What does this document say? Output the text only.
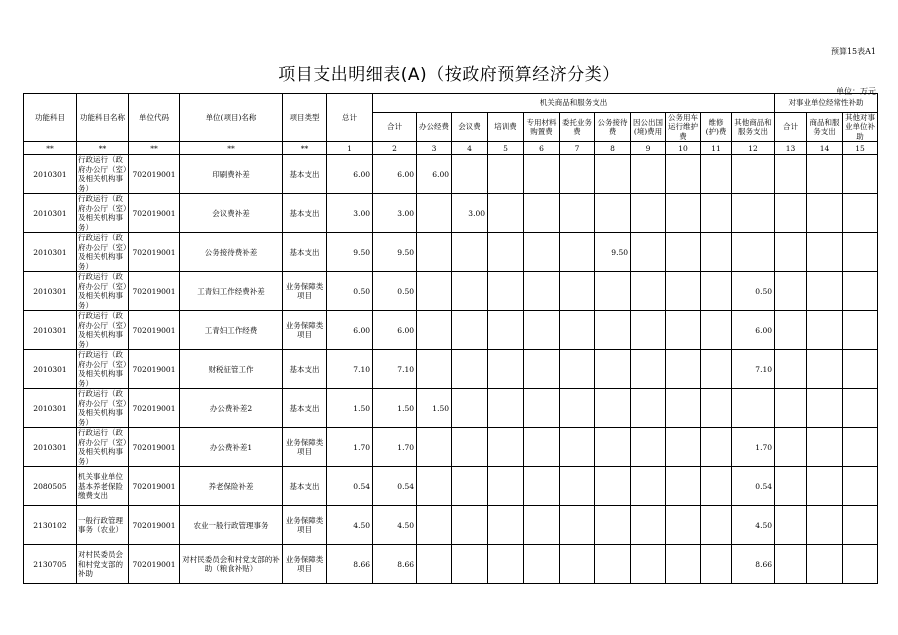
预算15表A1
项目支出明细表(A)（按政府预算经济分类）
单位：万元
功能科目	功能科目名称	单位代码	单位(项目)名称	项目类型	总计	机关商品和服务支出											对事业单位经常性补助		
						合计	办公经费	会议费	培训费	专用材料购置费	委托业务费	公务接待费	因公出国(境)费用	公务用车运行维护费	维修(护)费	其他商品和服务支出	合计	商品和服务支出	其他对事业单位补助
**	**	**	**	**	1	2	3	4	5	6	7	8	9	10	11	12	13	14	15
2010301	行政运行（政府办公厅（室）及相关机构事务）	702019001	印刷费补差	基本支出	6.00	6.00	6.00												
2010301	行政运行（政府办公厅（室）及相关机构事务）	702019001	会议费补差	基本支出	3.00	3.00		3.00											
2010301	行政运行（政府办公厅（室）及相关机构事务）	702019001	公务接待费补差	基本支出	9.50	9.50						9.50							
2010301	行政运行（政府办公厅（室）及相关机构事务）	702019001	工青妇工作经费补差	业务保障类项目	0.50	0.50										0.50			
2010301	行政运行（政府办公厅（室）及相关机构事务）	702019001	工青妇工作经费	业务保障类项目	6.00	6.00										6.00			
2010301	行政运行（政府办公厅（室）及相关机构事务）	702019001	财税征管工作	基本支出	7.10	7.10										7.10			
2010301	行政运行（政府办公厅（室）及相关机构事务）	702019001	办公费补差2	基本支出	1.50	1.50	1.50												
2010301	行政运行（政府办公厅（室）及相关机构事务）	702019001	办公费补差1	业务保障类项目	1.70	1.70										1.70			
2080505	机关事业单位基本养老保险缴费支出	702019001	养老保险补差	基本支出	0.54	0.54										0.54			
2130102	一般行政管理事务（农业）	702019001	农业一般行政管理事务	业务保障类项目	4.50	4.50										4.50			
2130705	对村民委员会和村党支部的补助	702019001	对村民委员会和村党支部的补助（粮食补贴）	业务保障类项目	8.66	8.66										8.66			
